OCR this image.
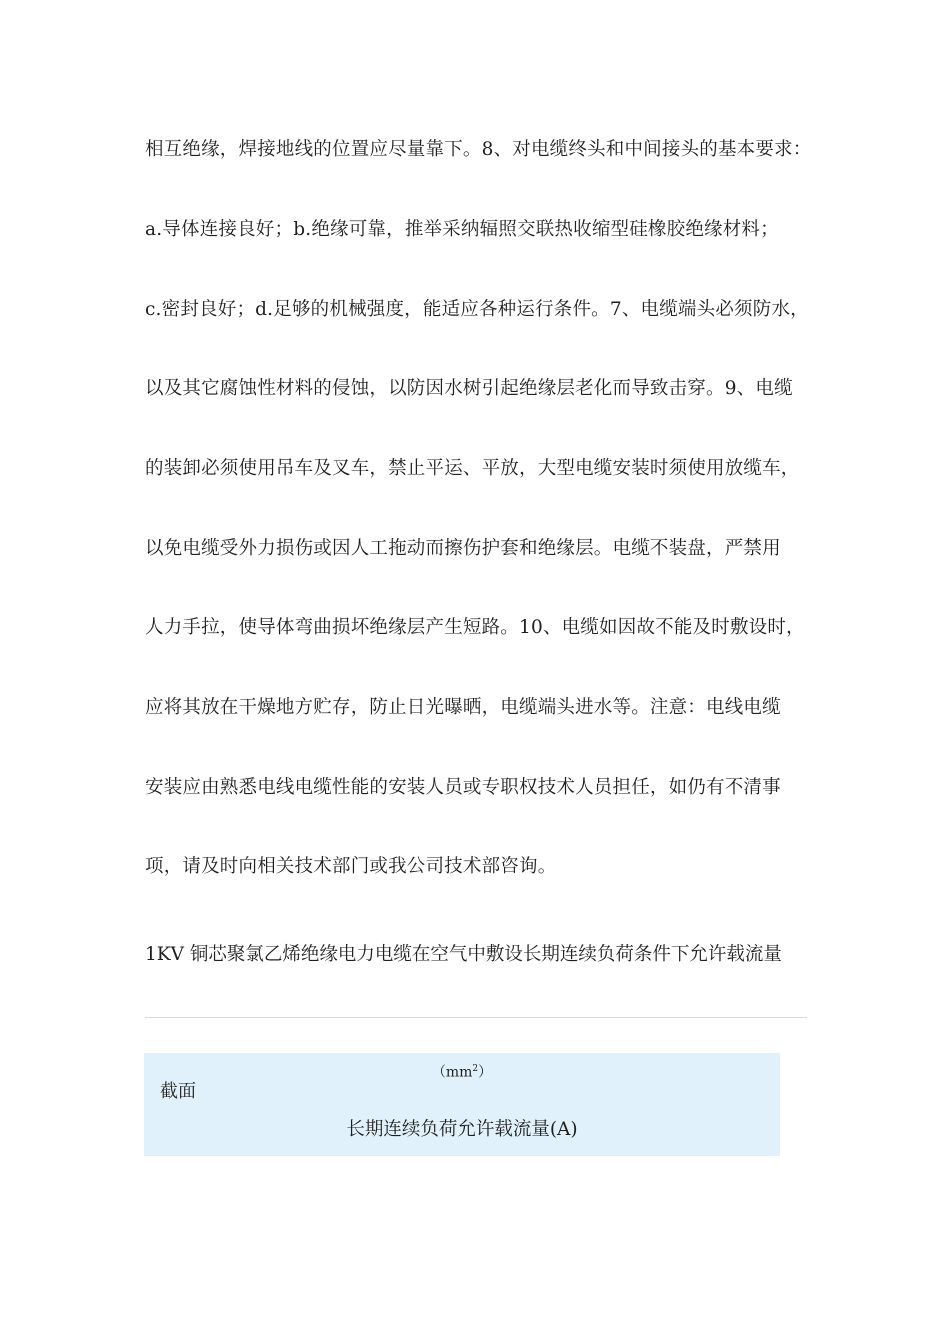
相互绝缘，焊接地线的位置应尽量靠下。8、对电缆终头和中间接头的基本要求：
a.导体连接良好；b.绝缘可靠，推举采纳辐照交联热收缩型硅橡胶绝缘材料；
c.密封良好；d.足够的机械强度，能适应各种运行条件。7、电缆端头必须防水，
以及其它腐蚀性材料的侵蚀，以防因水树引起绝缘层老化而导致击穿。9、电缆
的装卸必须使用吊车及叉车，禁止平运、平放，大型电缆安装时须使用放缆车，
以免电缆受外力损伤或因人工拖动而擦伤护套和绝缘层。电缆不装盘，严禁用
人力手拉，使导体弯曲损坏绝缘层产生短路。10、电缆如因故不能及时敷设时，
应将其放在干燥地方贮存，防止日光曝晒，电缆端头进水等。注意：电线电缆
安装应由熟悉电线电缆性能的安装人员或专职权技术人员担任，如仍有不清事
项，请及时向相关技术部门或我公司技术部咨询。
1KV 铜芯聚氯乙烯绝缘电力电缆在空气中敷设长期连续负荷条件下允许载流量
$(mm^2)$
截面
长期连续负荷允许载流量(A)
